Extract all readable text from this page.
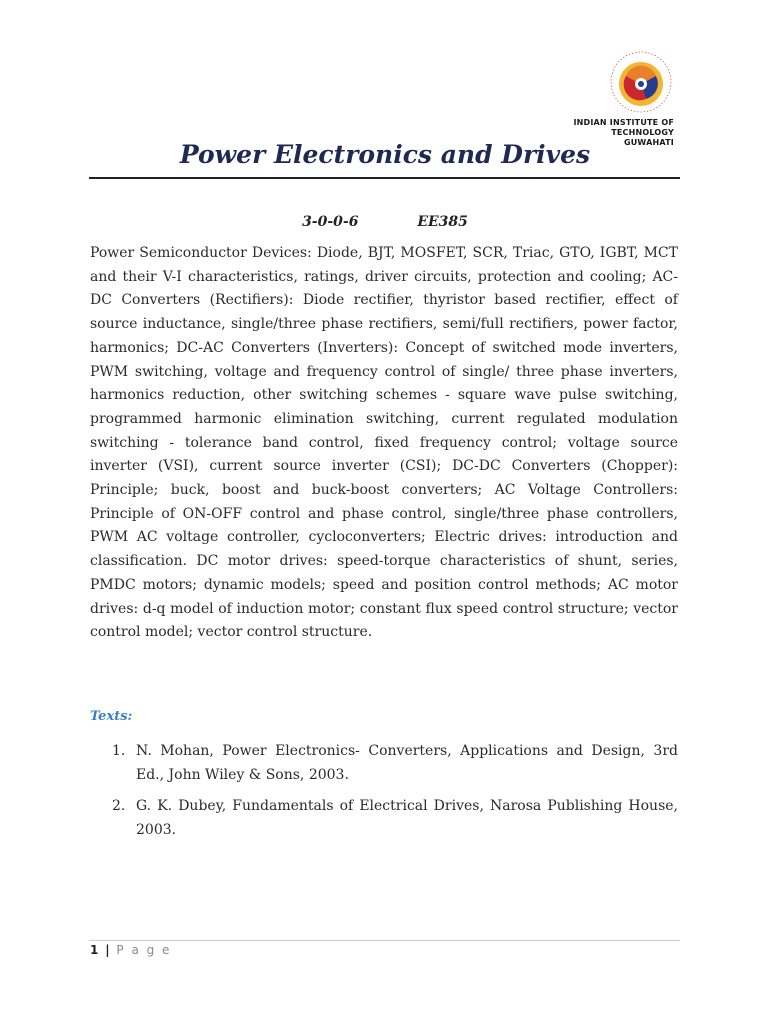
INDIAN INSTITUTE OF TECHNOLOGY
GUWAHATI
Power Electronics and Drives
3-0-0-6	EE385

Power Semiconductor Devices: Diode, BJT, MOSFET, SCR, Triac, GTO, IGBT, MCT and their V-I characteristics, ratings, driver circuits, protection and cooling; AC-DC Converters (Rectifiers): Diode rectifier, thyristor based rectifier, effect of source inductance, single/three phase rectifiers, semi/full rectifiers, power factor, harmonics; DC-AC Converters (Inverters): Concept of switched mode inverters, PWM switching, voltage and frequency control of single/ three phase inverters, harmonics reduction, other switching schemes - square wave pulse switching, programmed harmonic elimination switching, current regulated modulation switching - tolerance band control, fixed frequency control; voltage source inverter (VSI), current source inverter (CSI); DC-DC Converters (Chopper): Principle; buck, boost and buck-boost converters; AC Voltage Controllers: Principle of ON-OFF control and phase control, single/three phase controllers, PWM AC voltage controller, cycloconverters; Electric drives: introduction and classification. DC motor drives: speed-torque characteristics of shunt, series, PMDC motors; dynamic models; speed and position control methods; AC motor drives: d-q model of induction motor; constant flux speed control structure; vector control model; vector control structure.

Texts:
1. N. Mohan, Power Electronics- Converters, Applications and Design, 3rd Ed., John Wiley & Sons, 2003.
2. G. K. Dubey, Fundamentals of Electrical Drives, Narosa Publishing House, 2003.
1 | P a g e
